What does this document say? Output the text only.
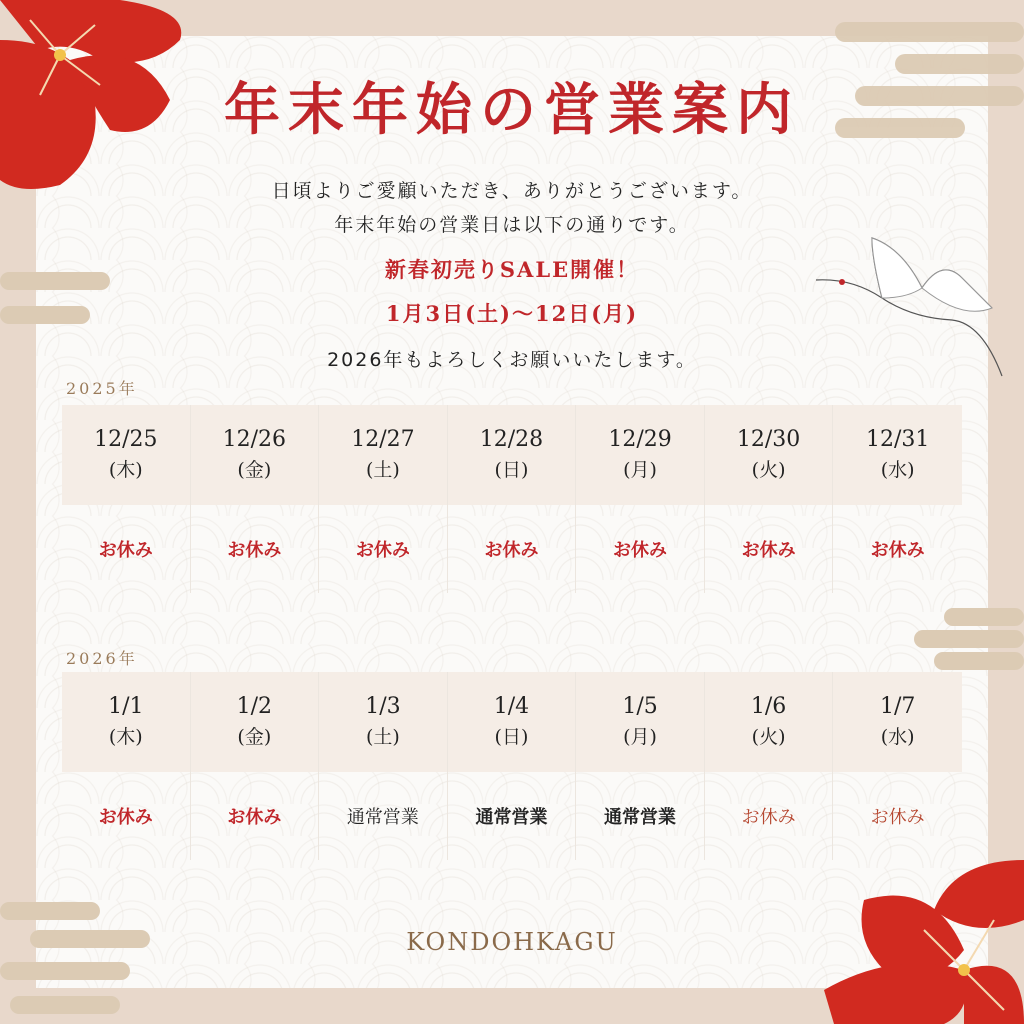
年末年始の営業案内
日頃よりご愛顧いただき、ありがとうございます。
年末年始の営業日は以下の通りです。
新春初売りSALE開催！
1月3日(土)〜12日(月)
2026年もよろしくお願いいたします。
2025年
12/25
(木)
お休み
12/26
(金)
お休み
12/27
(土)
お休み
12/28
(日)
お休み
12/29
(月)
お休み
12/30
(火)
お休み
12/31
(水)
お休み
2026年
1/1
(木)
お休み
1/2
(金)
お休み
1/3
(土)
通常営業
1/4
(日)
通常営業
1/5
(月)
通常営業
1/6
(火)
お休み
1/7
(水)
お休み
KONDOHKAGU
